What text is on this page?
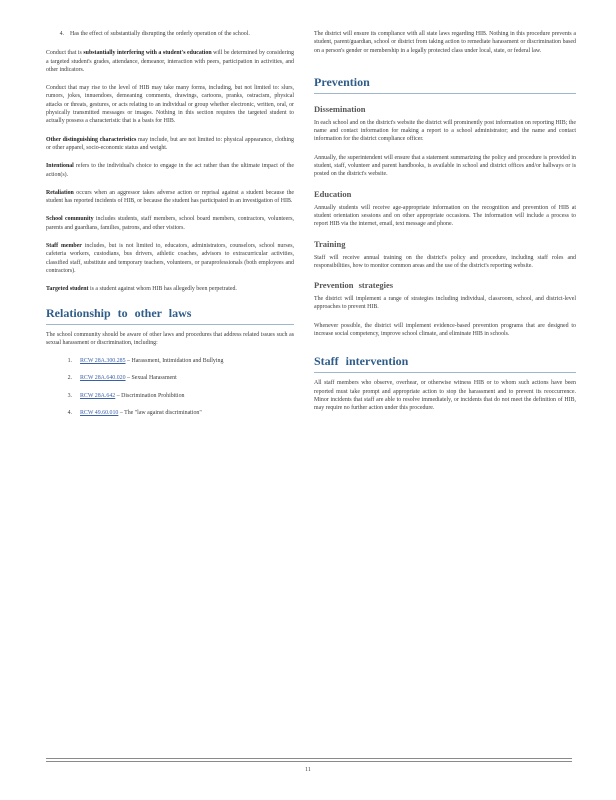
4.	Has the effect of substantially disrupting the orderly operation of the school.

Conduct that is substantially interfering with a student's education will be determined by considering a targeted student's grades, attendance, demeanor, interaction with peers, participation in activities, and other indicators.

Conduct that may rise to the level of HIB may take many forms, including, but not limited to: slurs, rumors, jokes, innuendoes, demeaning comments, drawings, cartoons, pranks, ostracism, physical attacks or threats, gestures, or acts relating to an individual or group whether electronic, written, oral, or physically transmitted messages or images. Nothing in this section requires the targeted student to actually possess a characteristic that is a basis for HIB.

Other distinguishing characteristics may include, but are not limited to: physical appearance, clothing or other apparel, socio-economic status and weight.

Intentional refers to the individual's choice to engage in the act rather than the ultimate impact of the action(s).

Retaliation occurs when an aggressor takes adverse action or reprisal against a student because the student has reported incidents of HIB, or because the student has participated in an investigation of HIB.

School community includes students, staff members, school board members, contractors, volunteers, parents and guardians, families, patrons, and other visitors.

Staff member includes, but is not limited to, educators, administrators, counselors, school nurses, cafeteria workers, custodians, bus drivers, athletic coaches, advisors to extracurricular activities, classified staff, substitute and temporary teachers, volunteers, or paraprofessionals (both employees and contractors).

Targeted student is a student against whom HIB has allegedly been perpetrated.

Relationship to other laws

The school community should be aware of other laws and procedures that address related issues such as sexual harassment or discrimination, including:

1.	RCW 28A.300.285 – Harassment, Intimidation and Bullying
2.	RCW 28A.640.020 – Sexual Harassment
3.	RCW 28A.642 – Discrimination Prohibition
4.	RCW 49.60.010 – The "law against discrimination"

The district will ensure its compliance with all state laws regarding HIB. Nothing in this procedure prevents a student, parent/guardian, school or district from taking action to remediate harassment or discrimination based on a person's gender or membership in a legally protected class under local, state, or federal law.

Prevention
Dissemination

In each school and on the district's website the district will prominently post information on reporting HIB; the name and contact information for making a report to a school administrator; and the name and contact information for the district compliance officer.

Annually, the superintendent will ensure that a statement summarizing the policy and procedure is provided in student, staff, volunteer and parent handbooks, is available in school and district offices and/or hallways or is posted on the district's website.

Education

Annually students will receive age-appropriate information on the recognition and prevention of HIB at student orientation sessions and on other appropriate occasions. The information will include a process to report HIB via the internet, email, text message and phone.

Training

Staff will receive annual training on the district's policy and procedure, including staff roles and responsibilities, how to monitor common areas and the use of the district's reporting website.

Prevention strategies

The district will implement a range of strategies including individual, classroom, school, and district-level approaches to prevent HIB.

Whenever possible, the district will implement evidence-based prevention programs that are designed to increase social competency, improve school climate, and eliminate HIB in schools.

Staff intervention

All staff members who observe, overhear, or otherwise witness HIB or to whom such actions have been reported must take prompt and appropriate action to stop the harassment and to prevent its reoccurrence. Minor incidents that staff are able to resolve immediately, or incidents that do not meet the definition of HIB, may require no further action under this procedure.

11
